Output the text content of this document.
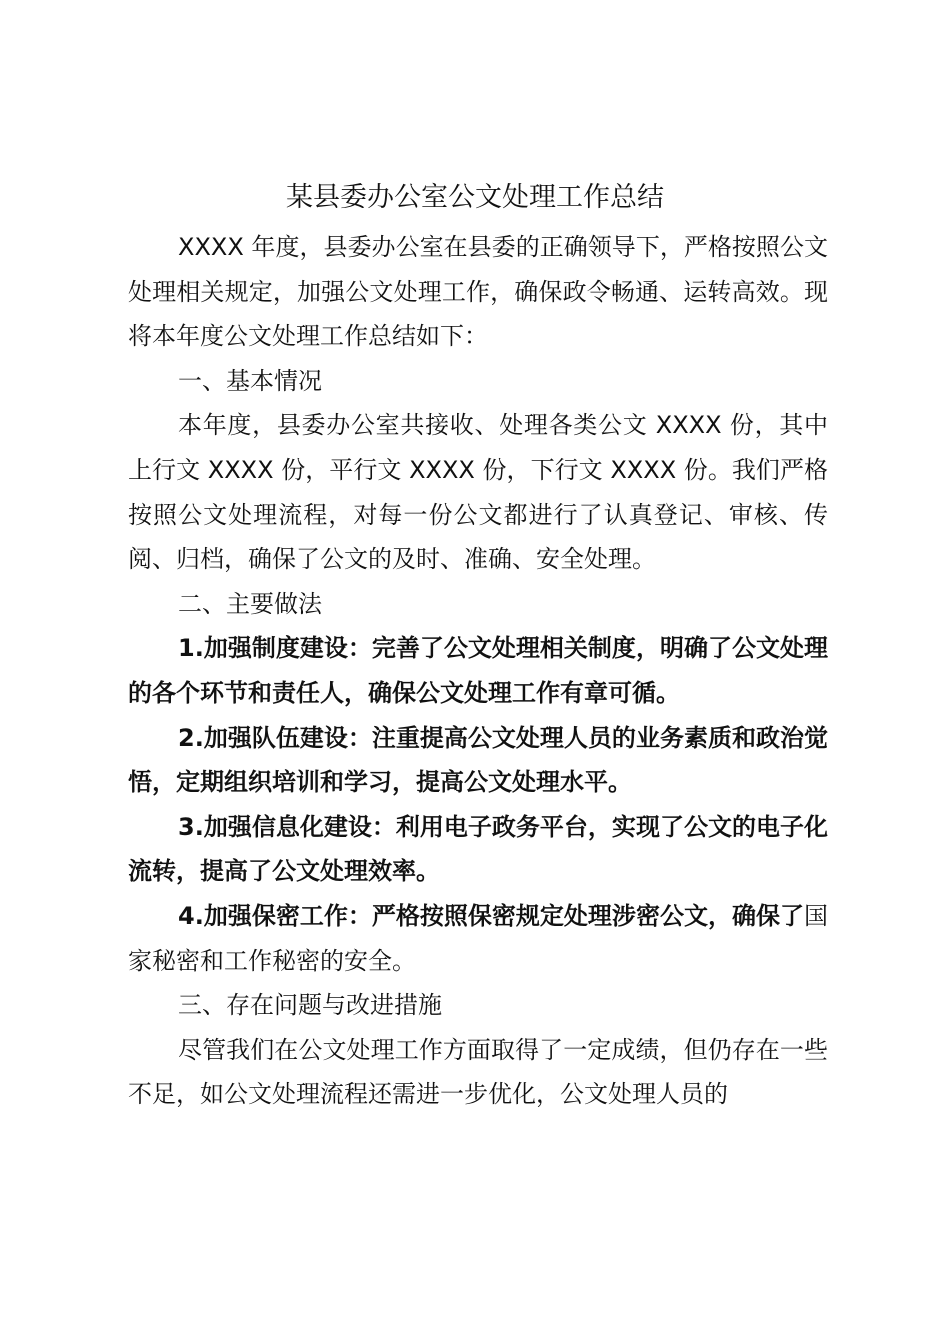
某县委办公室公文处理工作总结

XXXX 年度，县委办公室在县委的正确领导下，严格按照公文处理相关规定，加强公文处理工作，确保政令畅通、运转高效。现将本年度公文处理工作总结如下：

一、基本情况

本年度，县委办公室共接收、处理各类公文 XXXX 份，其中上行文 XXXX 份，平行文 XXXX 份，下行文 XXXX 份。我们严格按照公文处理流程，对每一份公文都进行了认真登记、审核、传阅、归档，确保了公文的及时、准确、安全处理。

二、主要做法

1.加强制度建设：完善了公文处理相关制度，明确了公文处理的各个环节和责任人，确保公文处理工作有章可循。

2.加强队伍建设：注重提高公文处理人员的业务素质和政治觉悟，定期组织培训和学习，提高公文处理水平。

3.加强信息化建设：利用电子政务平台，实现了公文的电子化流转，提高了公文处理效率。

4.加强保密工作：严格按照保密规定处理涉密公文，确保了国家秘密和工作秘密的安全。

三、存在问题与改进措施

尽管我们在公文处理工作方面取得了一定成绩，但仍存在一些不足，如公文处理流程还需进一步优化，公文处理人员的
